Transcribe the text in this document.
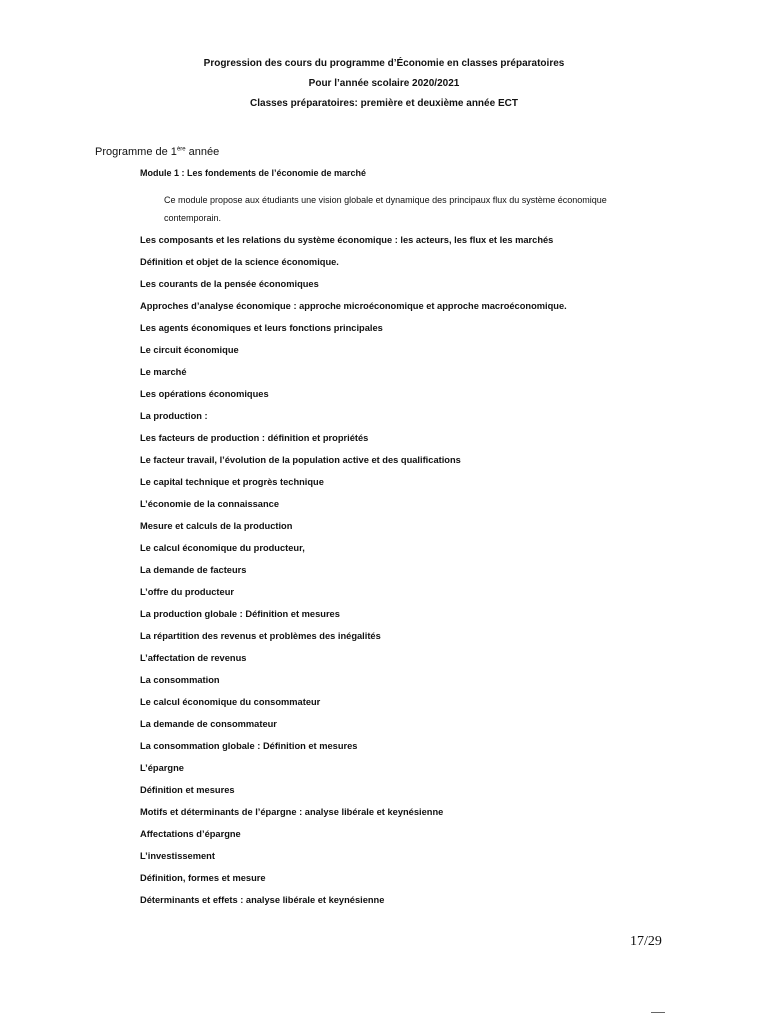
Progression des cours du programme d’Économie en classes préparatoires
Pour l’année scolaire 2020/2021
Classes préparatoires: première et deuxième année ECT
Programme de 1ère année
Module 1 : Les fondements de l’économie de marché
Ce module propose aux étudiants une vision globale et dynamique des principaux flux du système économique contemporain.
Les composants et les relations du système économique : les acteurs, les flux et les marchés
Définition et objet de la science économique.
Les courants de la pensée économiques
Approches d’analyse économique : approche microéconomique et approche macroéconomique.
Les agents économiques et leurs fonctions principales
Le circuit économique
Le marché
Les opérations économiques
La production :
Les facteurs de production : définition et propriétés
Le facteur travail, l’évolution de la population active et des qualifications
Le capital technique et progrès technique
L’économie de la connaissance
Mesure et calculs de la production
Le calcul économique du producteur,
La demande de facteurs
L’offre du producteur
La production globale : Définition et mesures
La répartition des revenus et problèmes des inégalités
L’affectation de revenus
La consommation
Le calcul économique du consommateur
La demande de consommateur
La consommation globale : Définition et mesures
L’épargne
Définition et mesures
Motifs et déterminants de l’épargne : analyse libérale et keynésienne
Affectations d’épargne
L’investissement
Définition, formes et mesure
Déterminants et effets : analyse libérale et keynésienne
17/29
